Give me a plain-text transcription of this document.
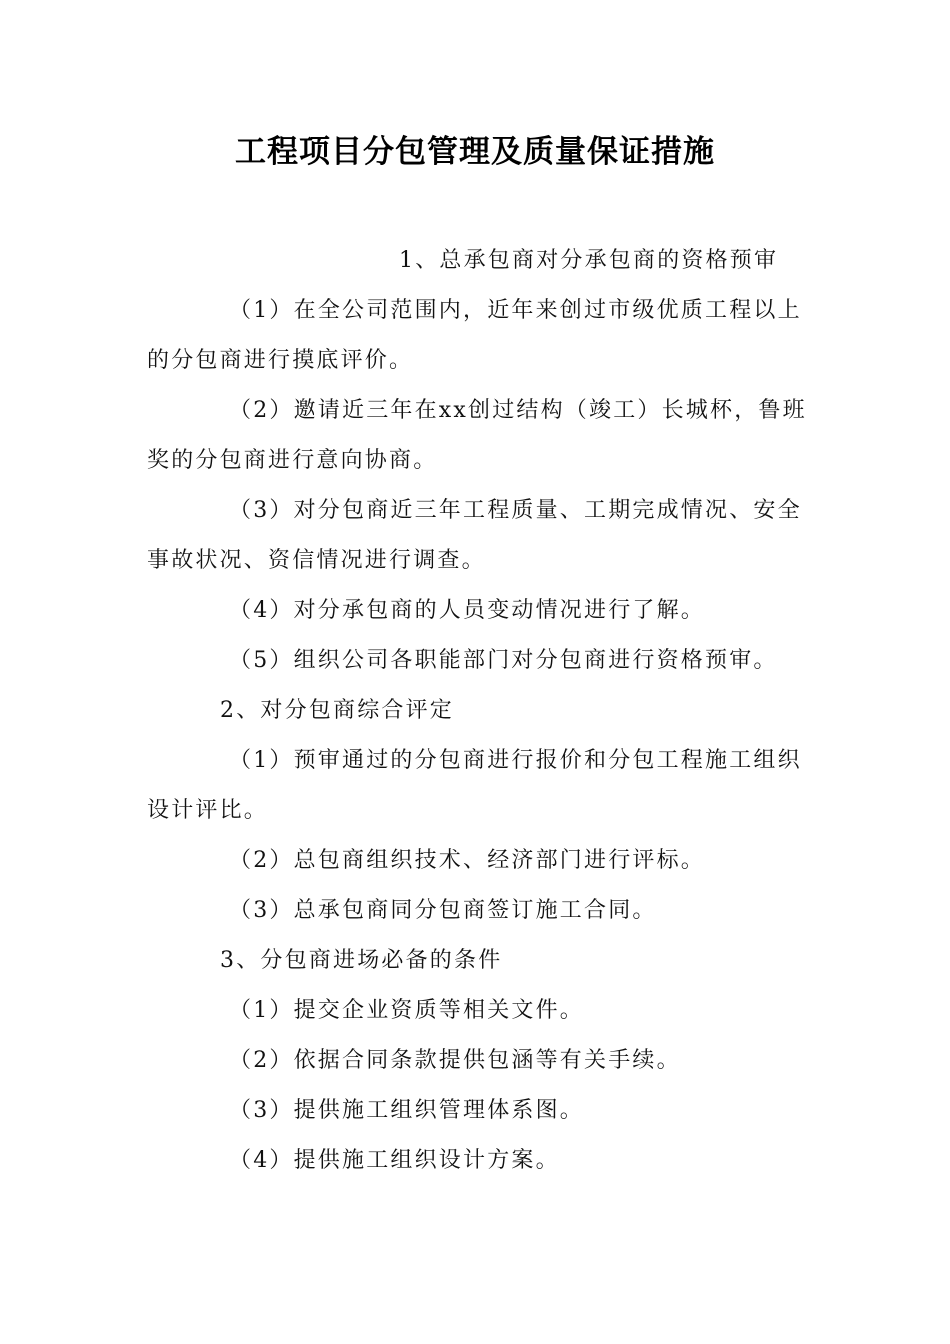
工程项目分包管理及质量保证措施

1、总承包商对分承包商的资格预审

（1）在全公司范围内，近年来创过市级优质工程以上的分包商进行摸底评价。

（2）邀请近三年在xx创过结构（竣工）长城杯，鲁班奖的分包商进行意向协商。

（3）对分包商近三年工程质量、工期完成情况、安全事故状况、资信情况进行调查。

（4）对分承包商的人员变动情况进行了解。

（5）组织公司各职能部门对分包商进行资格预审。

2、对分包商综合评定

（1）预审通过的分包商进行报价和分包工程施工组织设计评比。

（2）总包商组织技术、经济部门进行评标。

（3）总承包商同分包商签订施工合同。

3、分包商进场必备的条件

（1）提交企业资质等相关文件。

（2）依据合同条款提供包涵等有关手续。

（3）提供施工组织管理体系图。

（4）提供施工组织设计方案。
